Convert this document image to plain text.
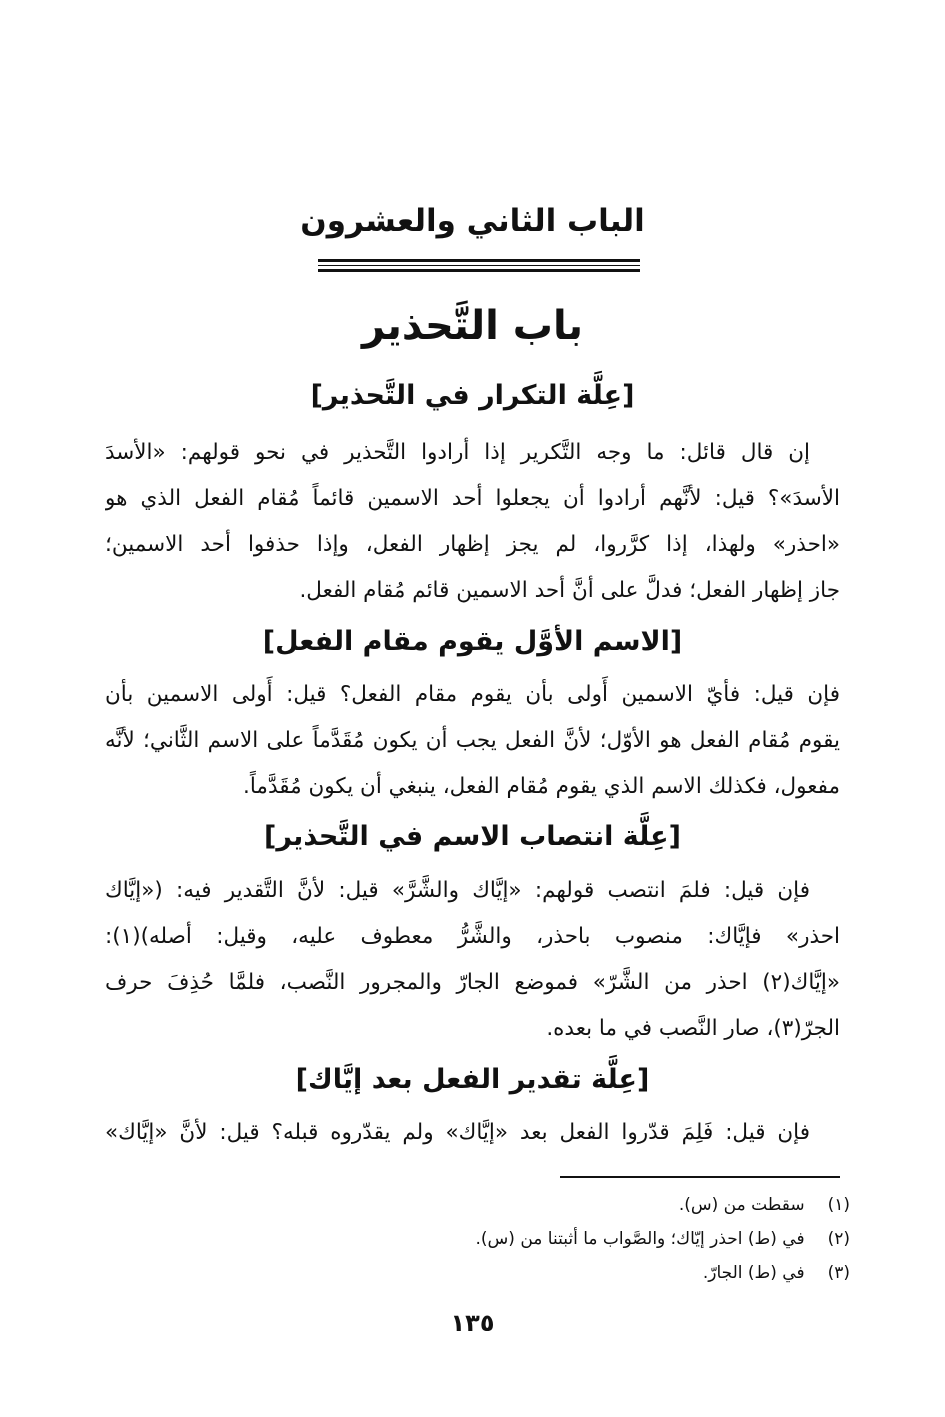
الباب الثاني والعشرون
باب التَّحذير
[عِلَّة التكرار في التَّحذير]
إن قال قائل: ما وجه التَّكرير إذا أرادوا التَّحذير في نحو قولهم: «الأسدَ
الأسدَ»؟ قيل: لأنَّهم أرادوا أن يجعلوا أحد الاسمين قائماً مُقام الفعل الذي هو
«احذر» ولهذا، إذا كرَّروا، لم يجز إظهار الفعل، وإذا حذفوا أحد الاسمين؛
جاز إظهار الفعل؛ فدلَّ على أنَّ أحد الاسمين قائم مُقام الفعل.
[الاسم الأوَّل يقوم مقام الفعل]
فإن قيل: فأيّ الاسمين أَولى بأن يقوم مقام الفعل؟ قيل: أَولى الاسمين بأن
يقوم مُقام الفعل هو الأوّل؛ لأنَّ الفعل يجب أن يكون مُقَدَّماً على الاسم الثَّاني؛ لأنَّه
مفعول، فكذلك الاسم الذي يقوم مُقام الفعل، ينبغي أن يكون مُقَدَّماً.
[عِلَّة انتصاب الاسم في التَّحذير]
فإن قيل: فلمَ انتصب قولهم: «إيَّاك والشَّرَّ» قيل: لأنَّ التَّقدير فيه: («إيَّاك
احذر» فإيَّاك: منصوب باحذر، والشَّرُّ معطوف عليه، وقيل: أصله)(١):
«إيَّاك(٢) احذر من الشَّرّ» فموضع الجارّ والمجرور النَّصب، فلمَّا حُذِفَ حرف
الجرّ(٣)، صار النَّصب في ما بعده.
[عِلَّة تقدير الفعل بعد إيَّاك]
فإن قيل: فَلِمَ قدّروا الفعل بعد «إيَّاك» ولم يقدّروه قبله؟ قيل: لأنَّ «إيَّاك»
(١) سقطت من (س).
(٢) في (ط) احذر إيّاك؛ والصَّواب ما أثبتنا من (س).
(٣) في (ط) الجارّ.
١٣٥
